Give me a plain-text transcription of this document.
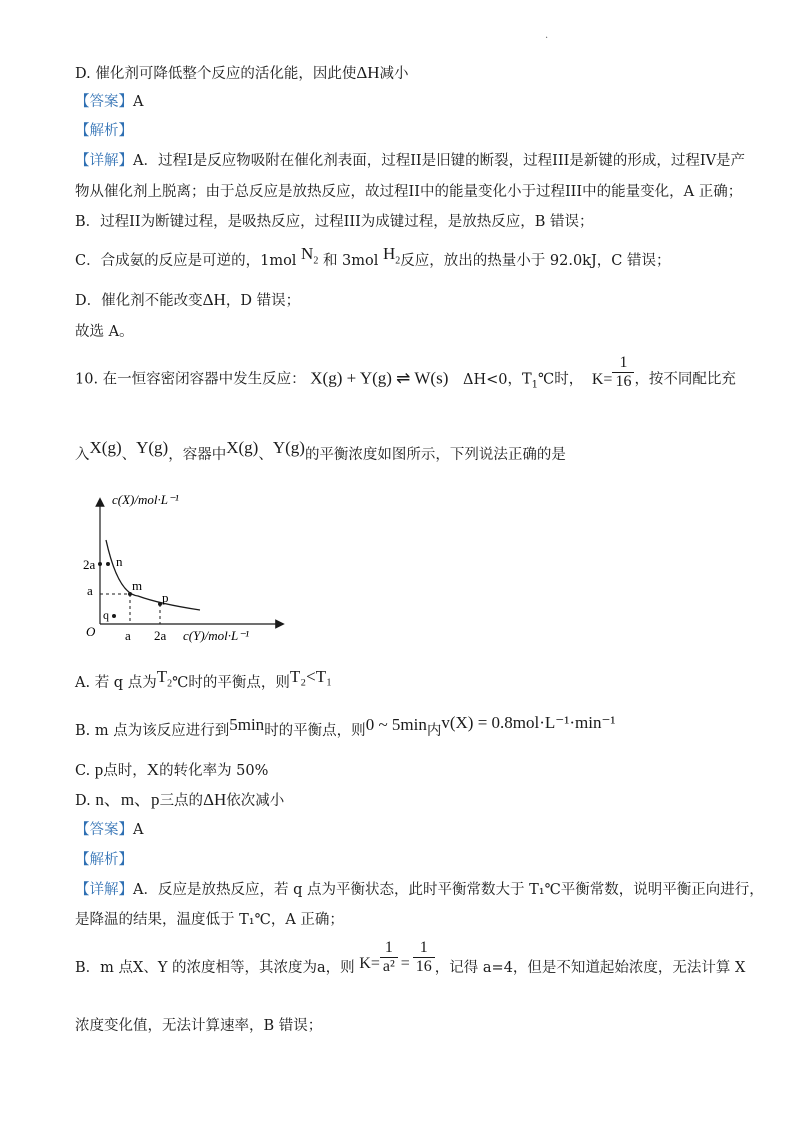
.
D. 催化剂可降低整个反应的活化能，因此使ΔH减小
【答案】A
【解析】
【详解】A．过程I是反应物吸附在催化剂表面，过程II是旧键的断裂，过程III是新键的形成，过程IV是产
物从催化剂上脱离；由于总反应是放热反应，故过程II中的能量变化小于过程III中的能量变化，A 正确；
B．过程II为断键过程，是吸热反应，过程III为成键过程，是放热反应，B 错误；
C．合成氨的反应是可逆的，1mol $N_2$ 和 3mol $H_2$反应，放出的热量小于 92.0kJ，C 错误；
D．催化剂不能改变ΔH，D 错误；
故选 A。
10. 在一恒容密闭容器中发生反应： X(g) + Y(g) ⇌ W(s) ΔH<0，$T_1℃$时， $K= \frac{1}{16}$ ，按不同配比充
入X(g)、Y(g)，容器中X(g)、Y(g)的平衡浓度如图所示，下列说法正确的是
c(X)/mol·L⁻¹
c(Y)/mol·L⁻¹
2a
a
a 2a
O
n
m
p
q
A. 若 q 点为$T_2℃$时的平衡点，则T₂<T₁
B. m 点为该反应进行到5min时的平衡点，则0 ~ 5min内v(X) = 0.8mol·L⁻¹·min⁻¹
C. p点时，X的转化率为 50%
D. n、m、p三点的ΔH依次减小
【答案】A
【解析】
【详解】A．反应是放热反应，若 q 点为平衡状态，此时平衡常数大于 T₁℃平衡常数，说明平衡正向进行，
是降温的结果，温度低于 T₁℃，A 正确；
B．m 点X、Y 的浓度相等，其浓度为a，则 $K= \frac{1}{\text{a²}} = \frac{1}{16}$ ，记得 a=4，但是不知道起始浓度，无法计算 X
浓度变化值，无法计算速率，B 错误；
